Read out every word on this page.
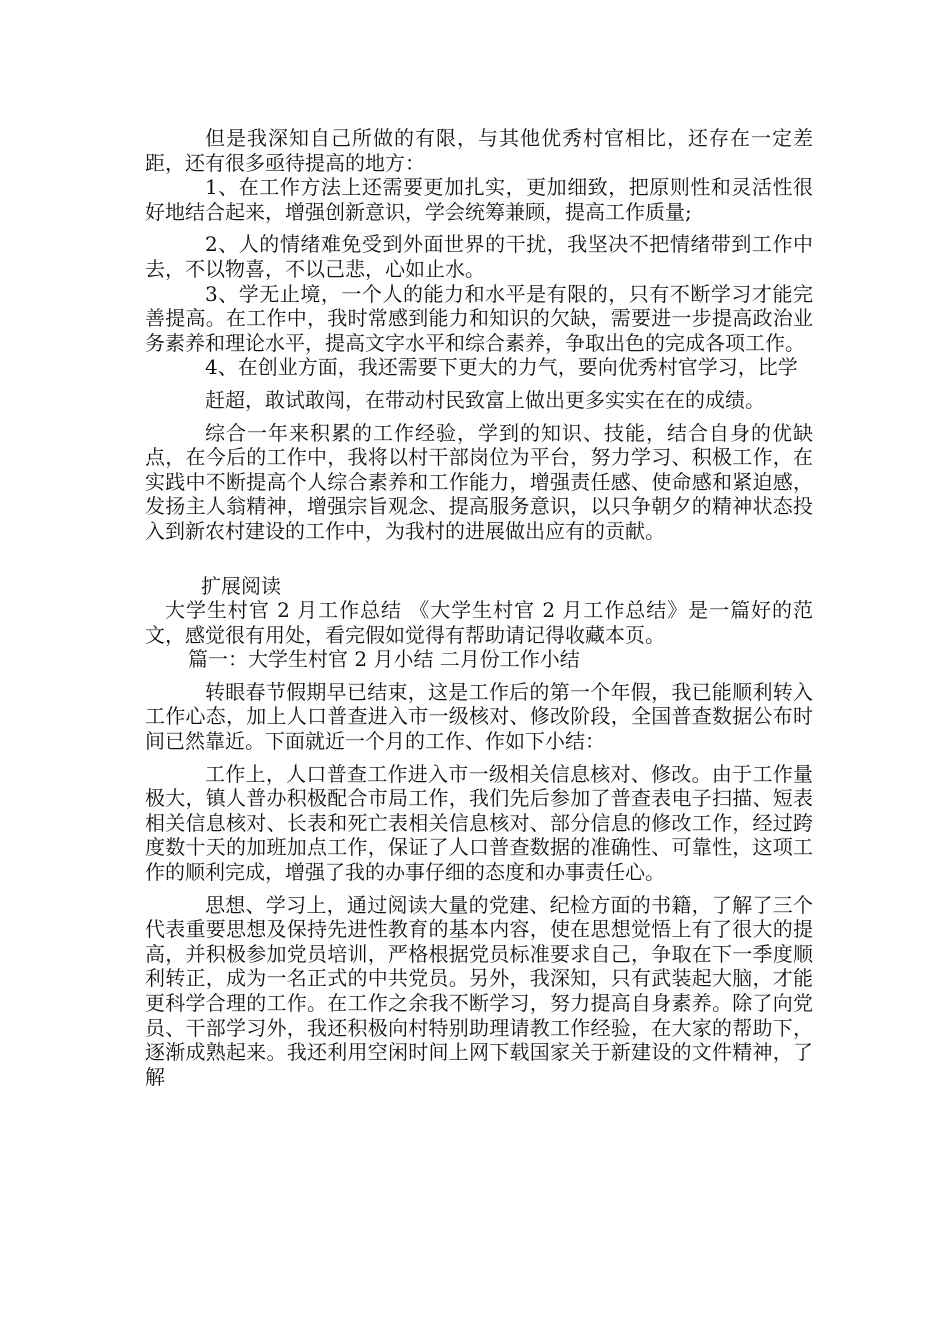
但是我深知自己所做的有限，与其他优秀村官相比，还存在一定差距，还有很多亟待提高的地方：

1、在工作方法上还需要更加扎实，更加细致，把原则性和灵活性很好地结合起来，增强创新意识，学会统筹兼顾，提高工作质量;

2、人的情绪难免受到外面世界的干扰，我坚决不把情绪带到工作中去，不以物喜，不以己悲，心如止水。

3、学无止境，一个人的能力和水平是有限的，只有不断学习才能完善提高。在工作中，我时常感到能力和知识的欠缺，需要进一步提高政治业务素养和理论水平，提高文字水平和综合素养，争取出色的完成各项工作。

4、在创业方面，我还需要下更大的力气，要向优秀村官学习，比学

赶超，敢试敢闯，在带动村民致富上做出更多实实在在的成绩。

综合一年来积累的工作经验，学到的知识、技能，结合自身的优缺点，在今后的工作中，我将以村干部岗位为平台，努力学习、积极工作，在实践中不断提高个人综合素养和工作能力，增强责任感、使命感和紧迫感，发扬主人翁精神，增强宗旨观念、提高服务意识，以只争朝夕的精神状态投入到新农村建设的工作中，为我村的进展做出应有的贡献。

扩展阅读

大学生村官 2 月工作总结 《大学生村官 2 月工作总结》是一篇好的范文，感觉很有用处，看完假如觉得有帮助请记得收藏本页。

篇一：大学生村官 2 月小结 二月份工作小结

转眼春节假期早已结束，这是工作后的第一个年假，我已能顺利转入工作心态，加上人口普查进入市一级核对、修改阶段，全国普查数据公布时间已然靠近。下面就近一个月的工作、作如下小结：

工作上，人口普查工作进入市一级相关信息核对、修改。由于工作量极大，镇人普办积极配合市局工作，我们先后参加了普查表电子扫描、短表相关信息核对、长表和死亡表相关信息核对、部分信息的修改工作，经过跨度数十天的加班加点工作，保证了人口普查数据的准确性、可靠性，这项工作的顺利完成，增强了我的办事仔细的态度和办事责任心。

思想、学习上，通过阅读大量的党建、纪检方面的书籍，了解了三个代表重要思想及保持先进性教育的基本内容，使在思想觉悟上有了很大的提高，并积极参加党员培训，严格根据党员标准要求自己，争取在下一季度顺利转正，成为一名正式的中共党员。另外，我深知，只有武装起大脑，才能更科学合理的工作。在工作之余我不断学习，努力提高自身素养。除了向党员、干部学习外，我还积极向村特别助理请教工作经验，在大家的帮助下，逐渐成熟起来。我还利用空闲时间上网下载国家关于新建设的文件精神，了解
